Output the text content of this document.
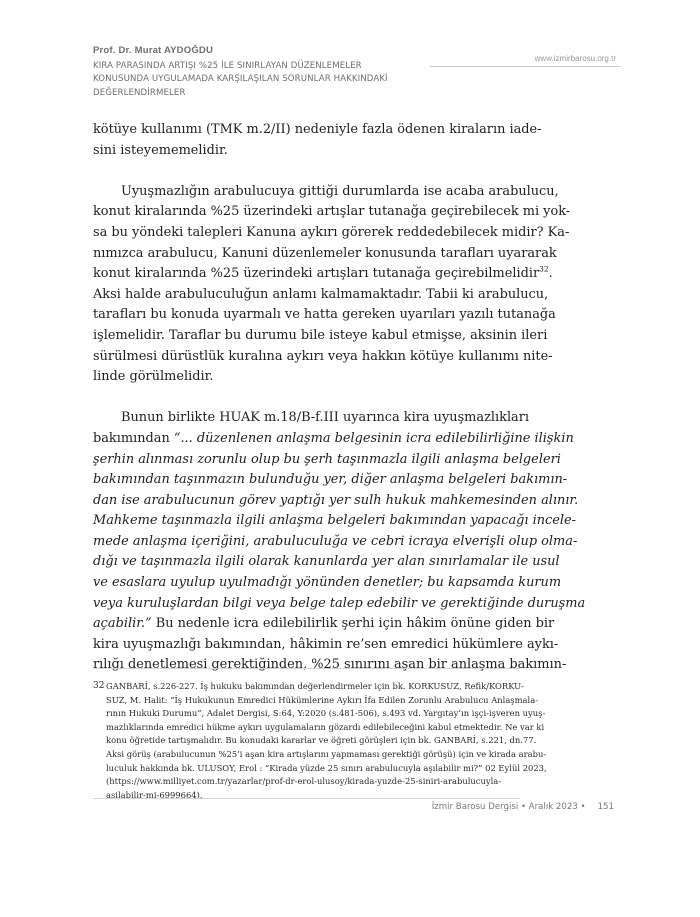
Prof. Dr. Murat AYDOĞDU
KIRA PARASINDA ARTIŞI %25 İLE SINIRLAYAN DÜZENLEMELER
KONUSUNDA UYGULAMADA KARŞILAŞILAN SORUNLAR HAKKINDAKİ
DEĞERLENDİRMELER
www.izmirbarosu.org.tr

kötüye kullanımı (TMK m.2/II) nedeniyle fazla ödenen kiraların iade-
sini isteyememelidir.

Uyuşmazlığın arabulucuya gittiği durumlarda ise acaba arabulucu,
konut kiralarında %25 üzerindeki artışlar tutanağa geçirebilecek mi yok-
sa bu yöndeki talepleri Kanuna aykırı görerek reddedebilecek midir? Ka-
nımızca arabulucu, Kanuni düzenlemeler konusunda tarafları uyararak
konut kiralarında %25 üzerindeki artışları tutanağa geçirebilmelidir$^{32}$.
Aksi halde arabuluculuğun anlamı kalmamaktadır. Tabii ki arabulucu,
tarafları bu konuda uyarmalı ve hatta gereken uyarıları yazılı tutanağa
işlemelidir. Taraflar bu durumu bile isteye kabul etmişse, aksinin ileri
sürülmesi dürüstlük kuralına aykırı veya hakkın kötüye kullanımı nite-
linde görülmelidir.

Bunun birlikte HUAK m.18/B-f.III uyarınca kira uyuşmazlıkları
bakımından “... düzenlenen anlaşma belgesinin icra edilebilirliğine ilişkin
şerhin alınması zorunlu olup bu şerh taşınmazla ilgili anlaşma belgeleri
bakımından taşınmazın bulunduğu yer, diğer anlaşma belgeleri bakımın-
dan ise arabulucunun görev yaptığı yer sulh hukuk mahkemesinden alınır.
Mahkeme taşınmazla ilgili anlaşma belgeleri bakımından yapacağı incele-
mede anlaşma içeriğini, arabuluculuğa ve cebri icraya elverişli olup olma-
dığı ve taşınmazla ilgili olarak kanunlarda yer alan sınırlamalar ile usul
ve esaslara uyulup uyulmadığı yönünden denetler; bu kapsamda kurum
veya kuruluşlardan bilgi veya belge talep edebilir ve gerektiğinde duruşma
açabilir.” Bu nedenle icra edilebilirlik şerhi için hâkim önüne giden bir
kira uyuşmazlığı bakımından, hâkimin re’sen emredici hükümlere aykı-
rılığı denetlemesi gerektiğinden, %25 sınırını aşan bir anlaşma bakımın-

32 GANBARİ, s.226-227. İş hukuku bakımından değerlendirmeler için bk. KORKUSUZ, Refik/KORKU-
SUZ, M. Halit: “İş Hukukunun Emredici Hükümlerine Aykırı İfa Edilen Zorunlu Arabulucu Anlaşmala-
rının Hukuki Durumu”, Adalet Dergisi, S:64, Y:2020 (s.481-506), s.493 vd. Yargıtay’ın işçi-işveren uyuş-
mazlıklarında emredici hükme aykırı uygulamaların gözardı edilebileceğini kabul etmektedir. Ne var ki
konu öğretide tartışmalıdır. Bu konudaki kararlar ve öğreti görüşleri için bk. GANBARİ, s.221, dn.77.
Aksi görüş (arabulucunun %25’i aşan kira artışlarını yapmaması gerektiği görüşü) için ve kirada arabu-
luculuk hakkında bk. ULUSOY, Erol : “Kirada yüzde 25 sınırı arabulucuyla aşılabilir mi?” 02 Eylül 2023,
(https://www.milliyet.com.tr/yazarlar/prof-dr-erol-ulusoy/kirada-yuzde-25-siniri-arabulucuyla-
asilabilir-mi-6999664).
İzmir Barosu Dergisi • Aralık 2023 • 151
